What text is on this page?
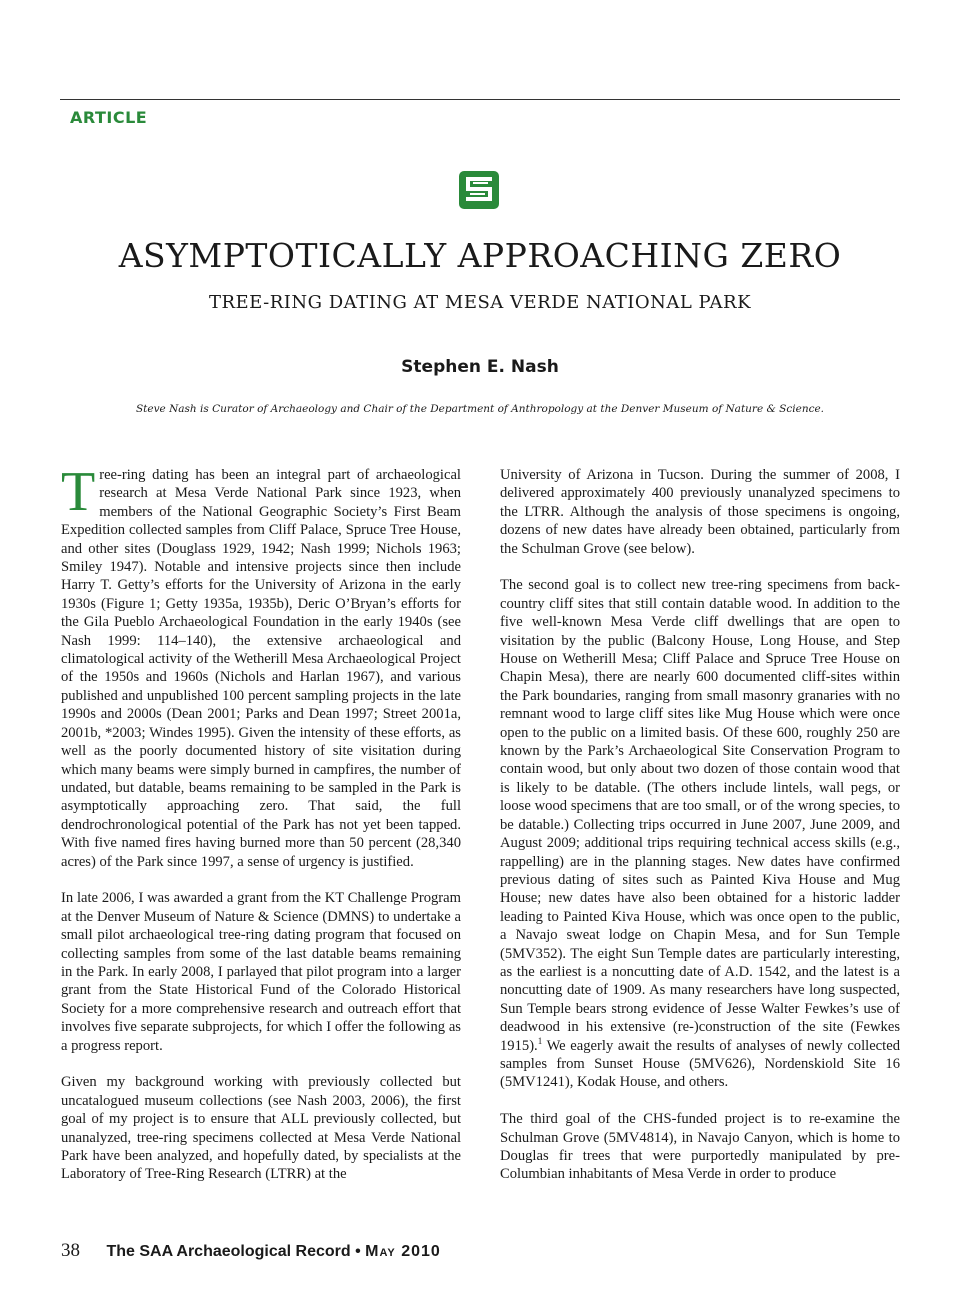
ARTICLE
ASYMPTOTICALLY APPROACHING ZERO
TREE-RING DATING AT MESA VERDE NATIONAL PARK
Stephen E. Nash
Steve Nash is Curator of Archaeology and Chair of the Department of Anthropology at the Denver Museum of Nature & Science.

Tree-ring dating has been an integral part of archaeological research at Mesa Verde National Park since 1923, when members of the National Geographic Society’s First Beam Expedition collected samples from Cliff Palace, Spruce Tree House, and other sites (Douglass 1929, 1942; Nash 1999; Nichols 1963; Smiley 1947). Notable and intensive projects since then include Harry T. Getty’s efforts for the University of Arizona in the early 1930s (Figure 1; Getty 1935a, 1935b), Deric O’Bryan’s efforts for the Gila Pueblo Archaeological Foundation in the early 1940s (see Nash 1999: 114–140), the extensive archaeological and climatological activity of the Wetherill Mesa Archaeological Project of the 1950s and 1960s (Nichols and Harlan 1967), and various published and unpublished 100 percent sampling projects in the late 1990s and 2000s (Dean 2001; Parks and Dean 1997; Street 2001a, 2001b, *2003; Windes 1995). Given the intensity of these efforts, as well as the poorly documented history of site visitation during which many beams were simply burned in campfires, the number of undated, but datable, beams remaining to be sampled in the Park is asymptotically approaching zero. That said, the full dendrochronological potential of the Park has not yet been tapped. With five named fires having burned more than 50 percent (28,340 acres) of the Park since 1997, a sense of urgency is justified.

In late 2006, I was awarded a grant from the KT Challenge Program at the Denver Museum of Nature & Science (DMNS) to undertake a small pilot archaeological tree-ring dating program that focused on collecting samples from some of the last datable beams remaining in the Park. In early 2008, I parlayed that pilot program into a larger grant from the State Historical Fund of the Colorado Historical Society for a more comprehensive research and outreach effort that involves five separate subprojects, for which I offer the following as a progress report.

Given my background working with previously collected but uncatalogued museum collections (see Nash 2003, 2006), the first goal of my project is to ensure that ALL previously collected, but unanalyzed, tree-ring specimens collected at Mesa Verde National Park have been analyzed, and hopefully dated, by specialists at the Laboratory of Tree-Ring Research (LTRR) at the

University of Arizona in Tucson. During the summer of 2008, I delivered approximately 400 previously unanalyzed specimens to the LTRR. Although the analysis of those specimens is ongoing, dozens of new dates have already been obtained, particularly from the Schulman Grove (see below).

The second goal is to collect new tree-ring specimens from back-country cliff sites that still contain datable wood. In addition to the five well-known Mesa Verde cliff dwellings that are open to visitation by the public (Balcony House, Long House, and Step House on Wetherill Mesa; Cliff Palace and Spruce Tree House on Chapin Mesa), there are nearly 600 documented cliff-sites within the Park boundaries, ranging from small masonry granaries with no remnant wood to large cliff sites like Mug House which were once open to the public on a limited basis. Of these 600, roughly 250 are known by the Park’s Archaeological Site Conservation Program to contain wood, but only about two dozen of those contain wood that is likely to be datable. (The others include lintels, wall pegs, or loose wood specimens that are too small, or of the wrong species, to be datable.) Collecting trips occurred in June 2007, June 2009, and August 2009; additional trips requiring technical access skills (e.g., rappelling) are in the planning stages. New dates have confirmed previous dating of sites such as Painted Kiva House and Mug House; new dates have also been obtained for a historic ladder leading to Painted Kiva House, which was once open to the public, a Navajo sweat lodge on Chapin Mesa, and for Sun Temple (5MV352). The eight Sun Temple dates are particularly interesting, as the earliest is a noncutting date of A.D. 1542, and the latest is a noncutting date of 1909. As many researchers have long suspected, Sun Temple bears strong evidence of Jesse Walter Fewkes’s use of deadwood in his extensive (re-)construction of the site (Fewkes 1915).$^1$ We eagerly await the results of analyses of newly collected samples from Sunset House (5MV626), Nordenskiold Site 16 (5MV1241), Kodak House, and others.

The third goal of the CHS-funded project is to re-examine the Schulman Grove (5MV4814), in Navajo Canyon, which is home to Douglas fir trees that were purportedly manipulated by pre-Columbian inhabitants of Mesa Verde in order to produce

38 The SAA Archaeological Record • May 2010
